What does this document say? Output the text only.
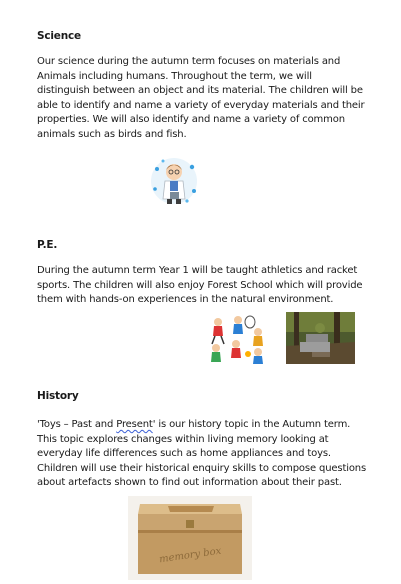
Science
Our science during the autumn term focuses on materials and Animals including humans. Throughout the term, we will distinguish between an object and its material. The children will be able to identify and name a variety of everyday materials and their properties. We will also identify and name a variety of common animals such as birds and fish.
P.E.
During the autumn term Year 1 will be taught athletics and racket sports. The children will also enjoy Forest School which will provide them with hands-on experiences in the natural environment.
History
'Toys – Past and Present' is our history topic in the Autumn term. This topic explores changes within living memory looking at everyday life differences such as home appliances and toys. Children will use their historical enquiry skills to compose questions about artefacts shown to find out information about their past.
memory box
